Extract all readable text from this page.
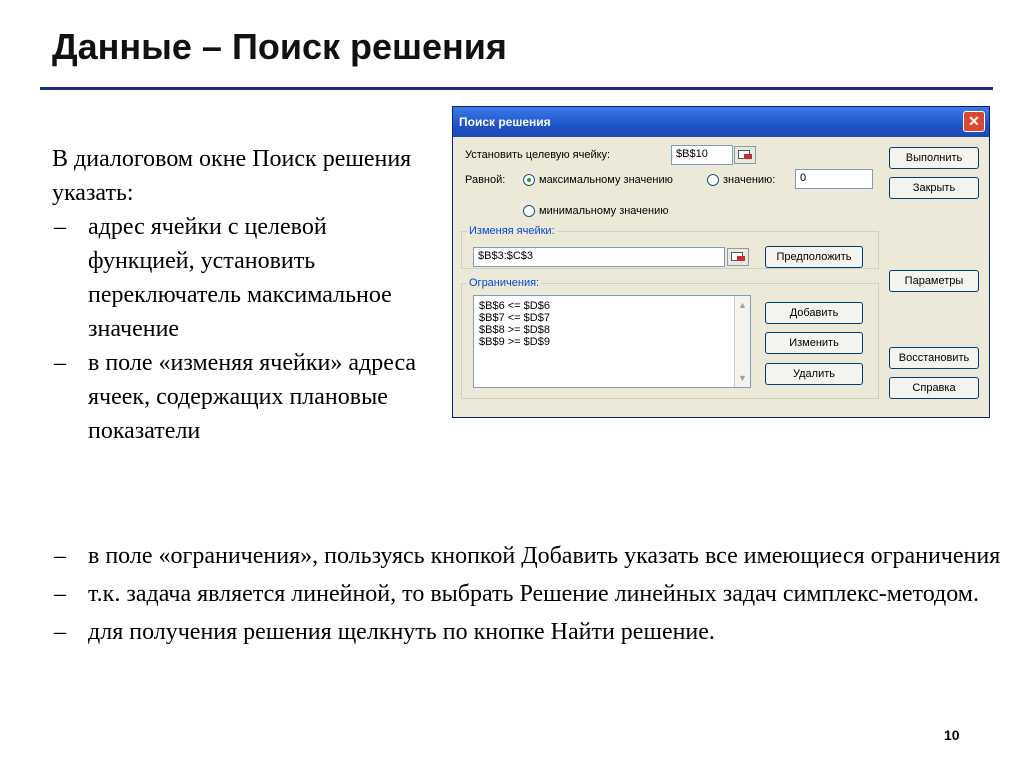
Данные – Поиск решения

В диалоговом окне Поиск решения указать:

– адрес ячейки с целевой функцией, установить переключатель максимальное значение
– в поле «изменяя ячейки» адреса ячеек, содержащих плановые показатели
Поиск решения	✕
Установить целевую ячейку:	$B$10
Равной:	максимальному значению	значению:	0
минимальному значению
Изменяя ячейки:
$B$3:$C$3	Предположить
Ограничения:
$B$6 <= $D$6
$B$7 <= $D$7
$B$8 >= $D$8
$B$9 >= $D$9
▲
▼
Добавить
Изменить
Удалить
Выполнить
Закрыть
Параметры
Восстановить
Справка
– в поле «ограничения», пользуясь кнопкой Добавить указать все имеющиеся ограничения
– т.к. задача является линейной, то выбрать Решение линейных задач симплекс-методом.
– для получения решения щелкнуть по кнопке Найти решение.
10
